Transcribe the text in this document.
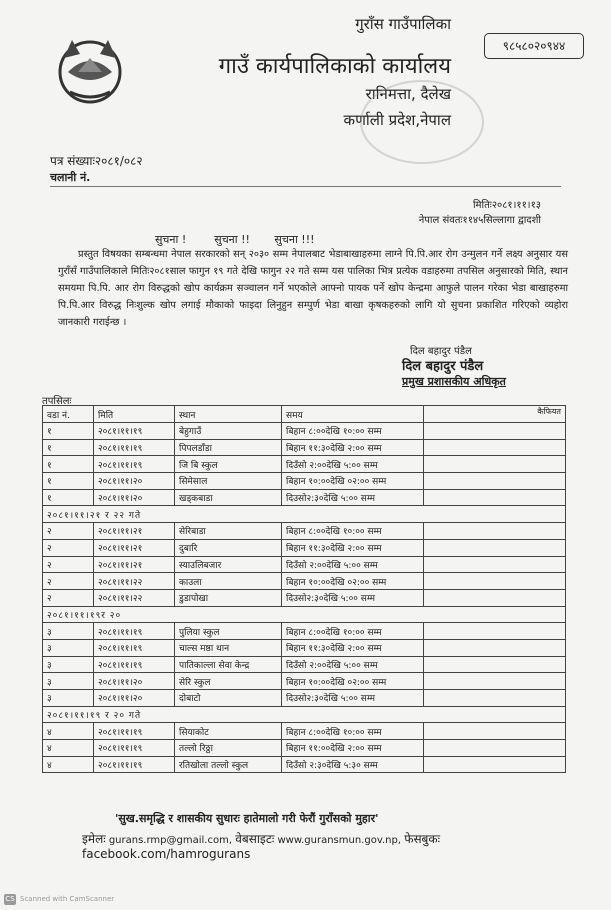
गुराँस गाउँपालिका
गाउँ कार्यपालिकाको कार्यालय
रानिमत्ता, दैलेख
कर्णाली प्रदेश,नेपाल
९८५८०२०९४४
पत्र संख्याः२०८१/०८२
चलानी नं.
मितिः२०८१।११।१३
नेपाल संवतः११४५सिल्लागा द्वादशी
सुचना !        सुचना !!       सुचना !!!
प्रस्तुत विषयका सम्बन्धमा नेपाल सरकारको सन् २०३० सम्म नेपालबाट भेडाबाखाहरुमा लाग्ने पि.पि.आर रोग उन्मुलन गर्ने लक्ष्य अनुसार यस गुराँसँ गाउँपालिकाले मितिः२०८१साल फागुन १९ गते देखि फागुन २२ गते सम्म यस पालिका भित्र प्रत्येक वडाहरुमा तपसिल अनुसारको मिति, स्थान समयमा पि.पि. आर रोग विरुद्धको खोप कार्यक्रम सञ्चालन गर्ने भएकोले आफ्नो पायक पर्ने खोप केन्द्रमा आफुले पालन गरेका भेडा बाखाहरुमा पि.पि.आर विरुद्ध निःशुल्क खोप लगाई मौकाको फाइदा लिनुहुन सम्पुर्ण भेडा बाखा कृषकहरुको लागि यो सुचना प्रकाशित गरिएको व्यहोरा जानकारी गराईन्छ ।
दिल बहादुर पंडैल
दिल बहादुर पंडैल
प्रमुख प्रशासकीय अधिकृत
तपसिलः
वडा नं.	मिति	स्थान	समय	कैफियत
१	२०८१।११।१९	बेहुगाउँ	बिहान ८:००देखि १०:०० सम्म	
१	२०८१।११।१९	पिपलडाँडा	बिहान ११:३०देखि २:०० सम्म	
१	२०८१।११।१९	जि बि स्कुल	दिउँसो २:००देखि ५:०० सम्म	
१	२०८१।११।२०	सिमेसाल	बिहान १०:००देखि ०२:०० सम्म	
१	२०८१।११।२०	खड्कबाडा	दिउसो२:३०देखि ५:०० सम्म	
२०८१।११।२१ र २२ गते				
२	२०८१।११।२१	सेरिबाडा	बिहान ८:००देखि १०:०० सम्म	
२	२०८१।११।२१	दुबारि	बिहान ११:३०देखि २:०० सम्म	
२	२०८१।११।२१	स्याउलिबजार	दिउँसो २:००देखि ५:०० सम्म	
२	२०८१।११।२२	काउला	बिहान १०:००देखि ०२:०० सम्म	
२	२०८१।११।२२	डुडापोखा	दिउसो२:३०देखि ५:०० सम्म	
२०८१।११।१९र २०				
३	२०८१।११।१९	पुलिया स्कुल	बिहान ८:००देखि १०:०० सम्म	
३	२०८१।११।१९	चाल्स मष्ठा थान	बिहान ११:३०देखि २:०० सम्म	
३	२०८१।११।१९	पातिकाल्ला सेवा केन्द्र	दिउँसो २:००देखि ५:०० सम्म	
३	२०८१।११।२०	सेरि स्कुल	बिहान १०:००देखि ०२:०० सम्म	
३	२०८१।११।२०	दोबाटो	दिउसो२:३०देखि ५:०० सम्म	
२०८१।११।१९ र २० गते				
४	२०८१।११।१९	सियाकोट	बिहान ८:००देखि १०:०० सम्म	
४	२०८१।११।१९	तल्लो रिठ्ठा	बिहान ११:००देखि २:०० सम्म	
४	२०८१।११।१९	रतिखोला तल्लो स्कुल	दिउँसो २:३०देखि ५:३० सम्म	
'सुख.समृद्धि र शासकीय सुधारः हातेमालो गरी फेरौं गुराँसको मुहार'
इमेलः gurans.rmp@gmail.com, वेबसाइटः www.guransmun.gov.np, फेसबुकः facebook.com/hamrogurans
CS Scanned with CamScanner
